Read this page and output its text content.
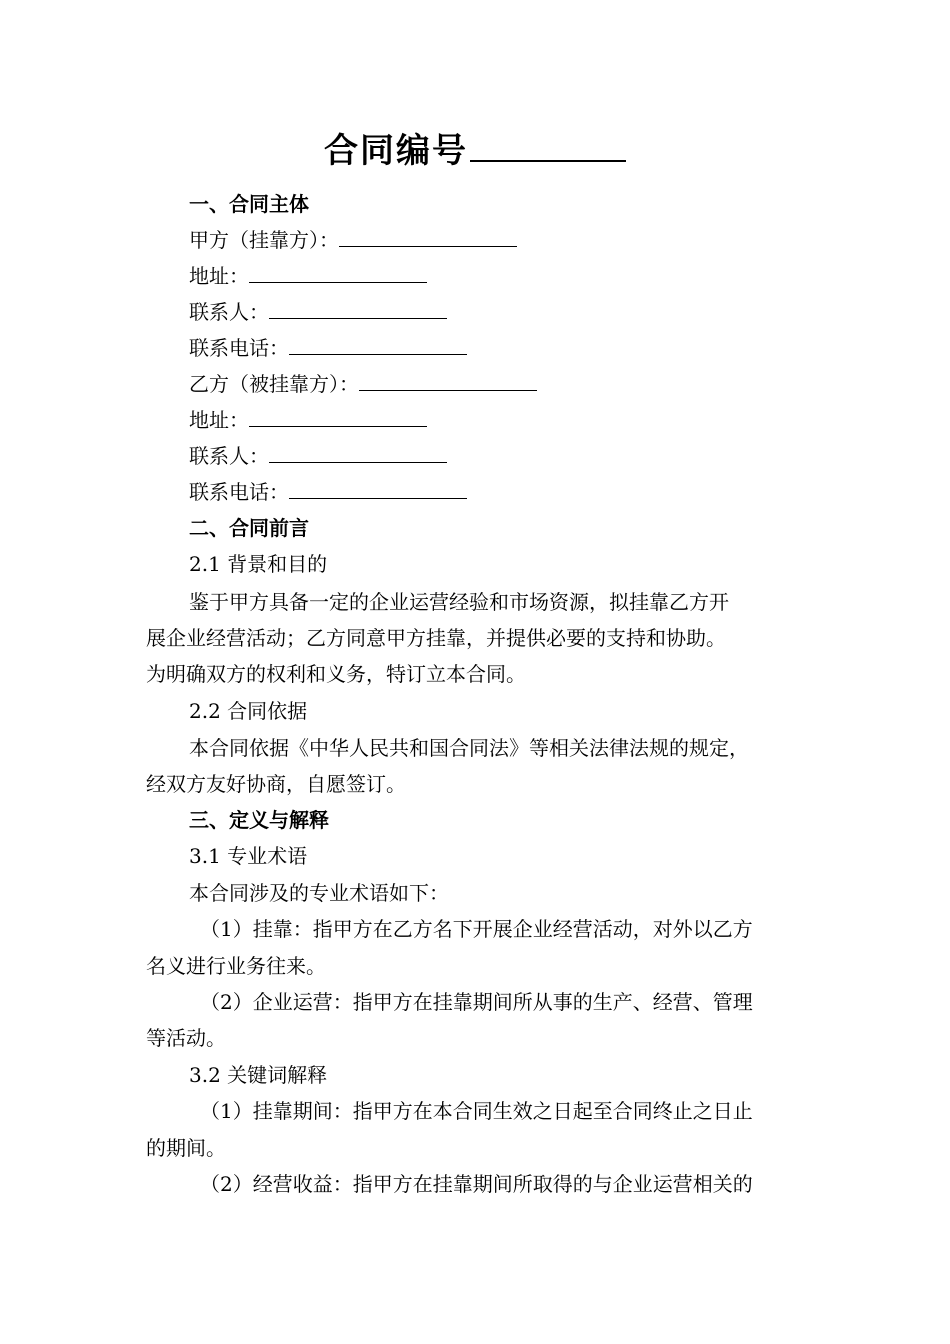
合同编号
一、合同主体
甲方（挂靠方）：
地址：
联系人：
联系电话：
乙方（被挂靠方）：
地址：
联系人：
联系电话：
二、合同前言
2.1 背景和目的
鉴于甲方具备一定的企业运营经验和市场资源，拟挂靠乙方开
展企业经营活动；乙方同意甲方挂靠，并提供必要的支持和协助。
为明确双方的权利和义务，特订立本合同。
2.2 合同依据
本合同依据《中华人民共和国合同法》等相关法律法规的规定，
经双方友好协商，自愿签订。
三、定义与解释
3.1 专业术语
本合同涉及的专业术语如下：
（1）挂靠：指甲方在乙方名下开展企业经营活动，对外以乙方
名义进行业务往来。
（2）企业运营：指甲方在挂靠期间所从事的生产、经营、管理
等活动。
3.2 关键词解释
（1）挂靠期间：指甲方在本合同生效之日起至合同终止之日止
的期间。
（2）经营收益：指甲方在挂靠期间所取得的与企业运营相关的
